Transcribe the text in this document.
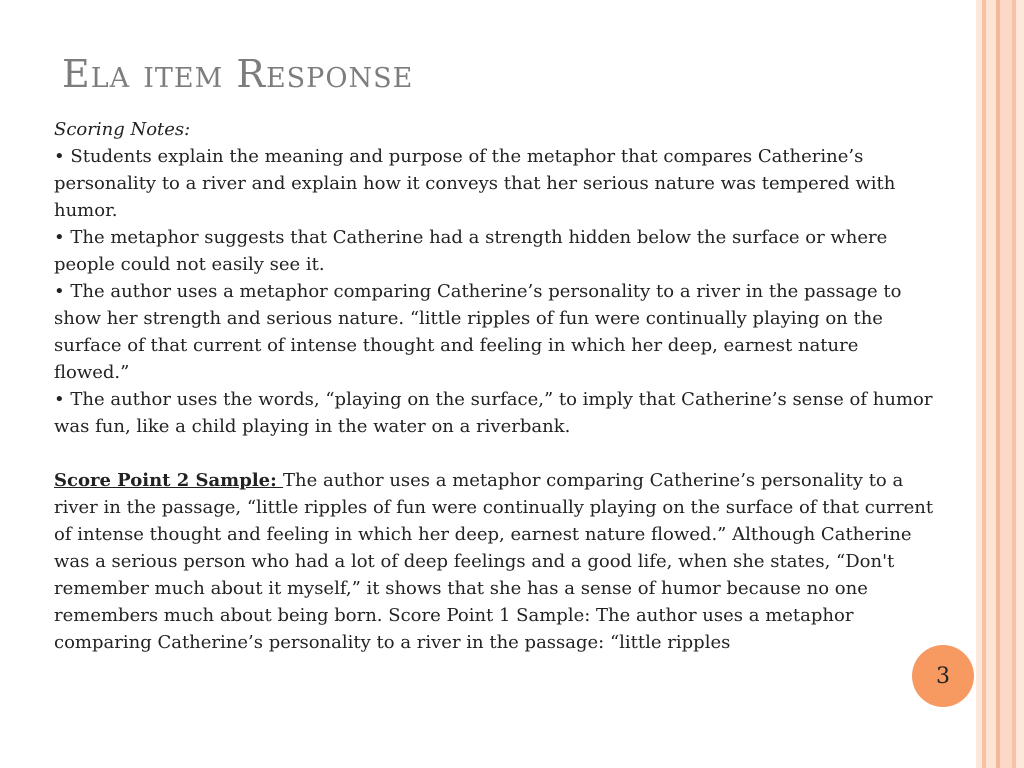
Ela item Response

Scoring Notes:

• Students explain the meaning and purpose of the metaphor that compares Catherine’s personality to a river and explain how it conveys that her serious nature was tempered with humor.

• The metaphor suggests that Catherine had a strength hidden below the surface or where people could not easily see it.

• The author uses a metaphor comparing Catherine’s personality to a river in the passage to show her strength and serious nature. “little ripples of fun were continually playing on the surface of that current of intense thought and feeling in which her deep, earnest nature flowed.”

• The author uses the words, “playing on the surface,” to imply that Catherine’s sense of humor was fun, like a child playing in the water on a riverbank.

Score Point 2 Sample: The author uses a metaphor comparing Catherine’s personality to a river in the passage, “little ripples of fun were continually playing on the surface of that current of intense thought and feeling in which her deep, earnest nature flowed.” Although Catherine was a serious person who had a lot of deep feelings and a good life, when she states, “Don't remember much about it myself,” it shows that she has a sense of humor because no one remembers much about being born. Score Point 1 Sample: The author uses a metaphor comparing Catherine’s personality to a river in the passage: “little ripples

3
